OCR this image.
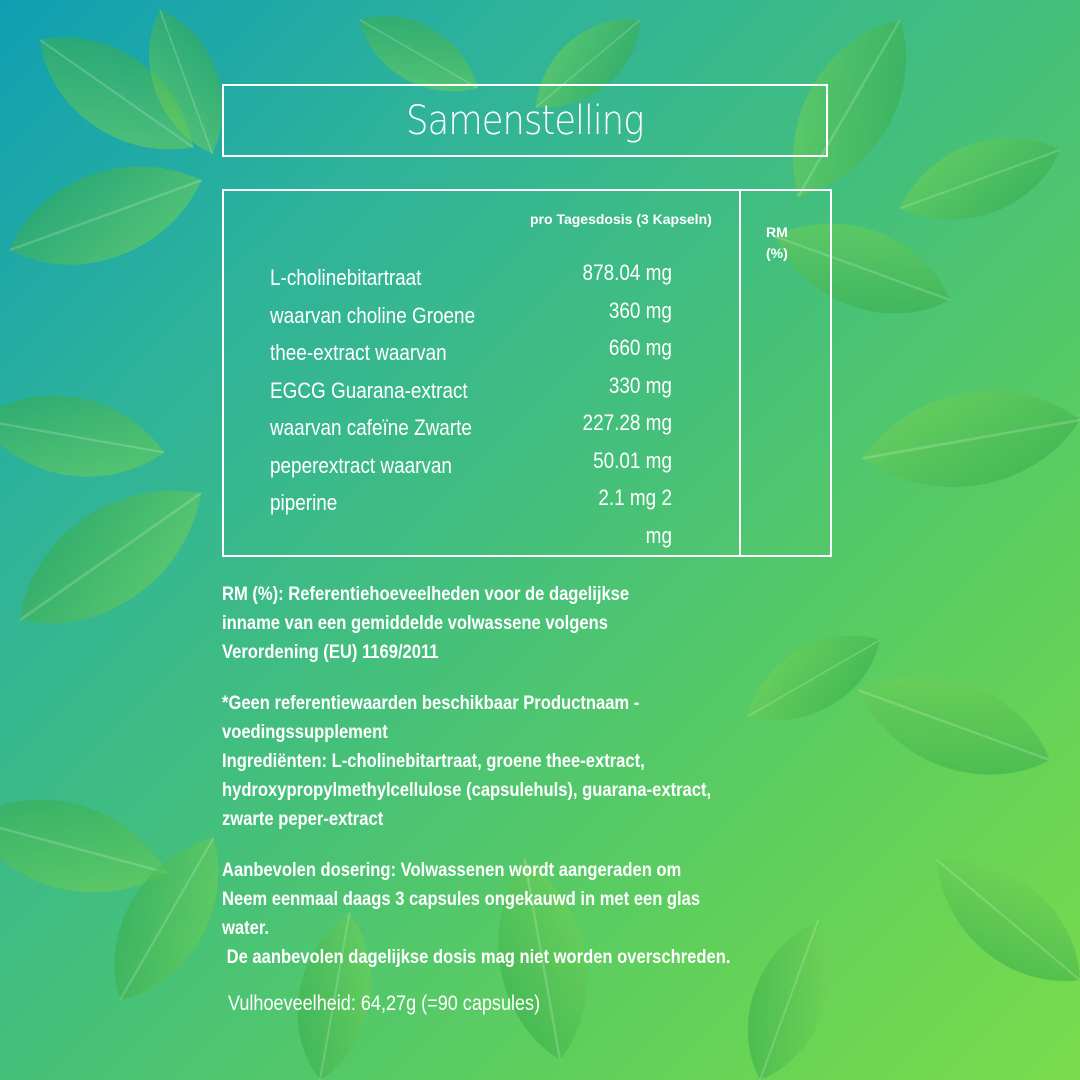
Samenstelling
pro Tagesdosis (3 Kapseln)
RM
(%)
L-cholinebitartraat
waarvan choline Groene
thee-extract waarvan
EGCG Guarana-extract
waarvan cafeïne Zwarte
peperextract waarvan
piperine
878.04 mg
360 mg
660 mg
330 mg
227.28 mg
50.01 mg
2.1 mg 2
mg

RM (%): Referentiehoeveelheden voor de dagelijkse
inname van een gemiddelde volwassene volgens
Verordening (EU) 1169/2011

*Geen referentiewaarden beschikbaar Productnaam -
voedingssupplement
Ingrediënten: L-cholinebitartraat, groene thee-extract,
hydroxypropylmethylcellulose (capsulehuls), guarana-extract,
zwarte peper-extract

Aanbevolen dosering: Volwassenen wordt aangeraden om
Neem eenmaal daags 3 capsules ongekauwd in met een glas
water.
De aanbevolen dagelijkse dosis mag niet worden overschreden.

Vulhoeveelheid: 64,27g (=90 capsules)
